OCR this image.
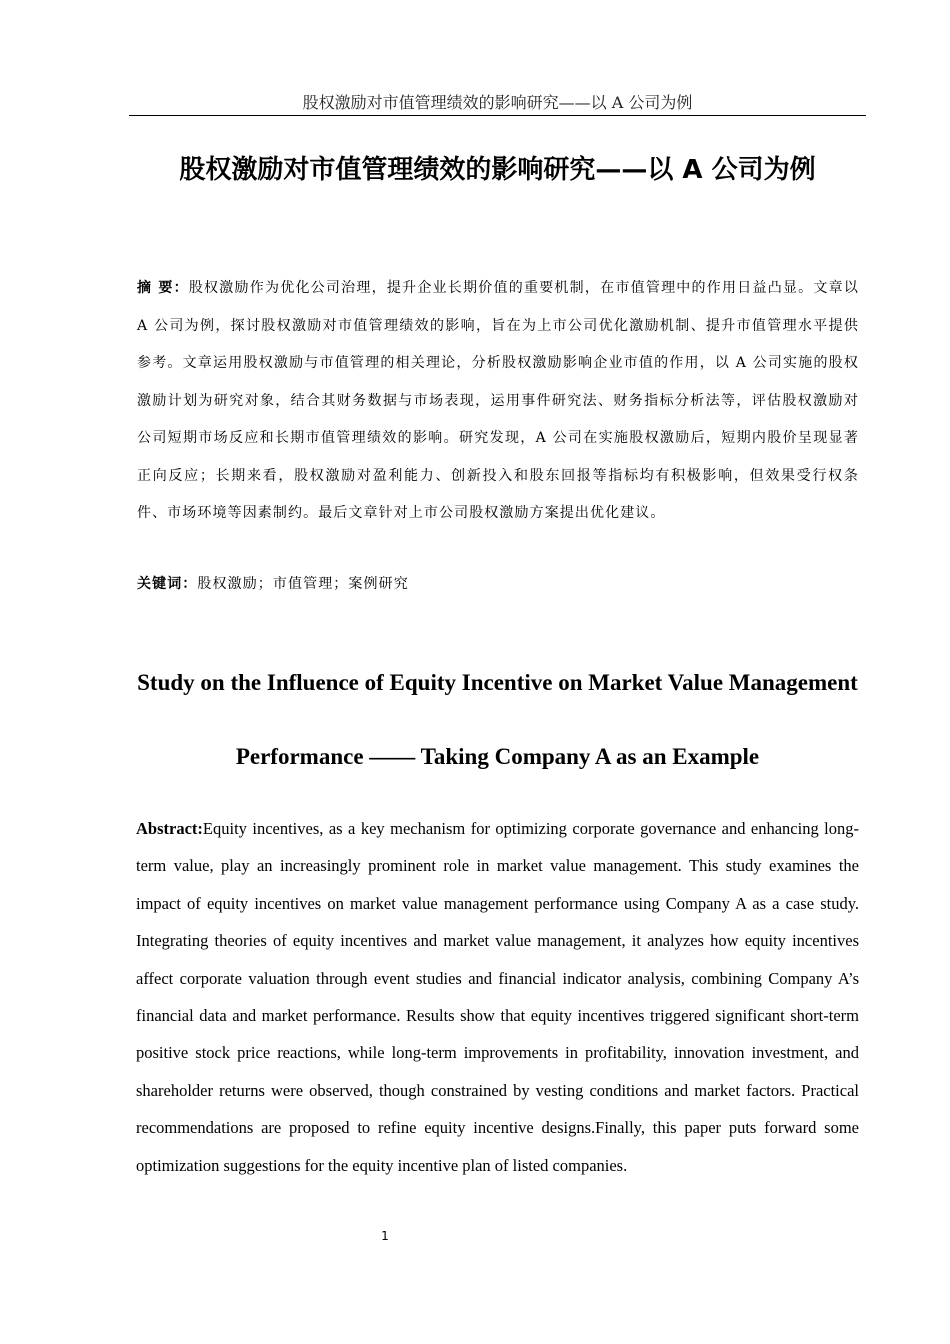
股权激励对市值管理绩效的影响研究——以 A 公司为例
股权激励对市值管理绩效的影响研究——以 A 公司为例

摘 要：股权激励作为优化公司治理，提升企业长期价值的重要机制，在市值管理中的作用日益凸显。文章以 A 公司为例，探讨股权激励对市值管理绩效的影响，旨在为上市公司优化激励机制、提升市值管理水平提供参考。文章运用股权激励与市值管理的相关理论，分析股权激励影响企业市值的作用，以 A 公司实施的股权激励计划为研究对象，结合其财务数据与市场表现，运用事件研究法、财务指标分析法等，评估股权激励对公司短期市场反应和长期市值管理绩效的影响。研究发现，A 公司在实施股权激励后，短期内股价呈现显著正向反应；长期来看，股权激励对盈利能力、创新投入和股东回报等指标均有积极影响，但效果受行权条件、市场环境等因素制约。最后文章针对上市公司股权激励方案提出优化建议。

关键词：股权激励；市值管理；案例研究

Study on the Influence of Equity Incentive on Market Value Management Performance —— Taking Company A as an Example

Abstract:Equity incentives, as a key mechanism for optimizing corporate governance and enhancing long-term value, play an increasingly prominent role in market value management. This study examines the impact of equity incentives on market value management performance using Company A as a case study. Integrating theories of equity incentives and market value management, it analyzes how equity incentives affect corporate valuation through event studies and financial indicator analysis, combining Company A’s financial data and market performance. Results show that equity incentives triggered significant short-term positive stock price reactions, while long-term improvements in profitability, innovation investment, and shareholder returns were observed, though constrained by vesting conditions and market factors. Practical recommendations are proposed to refine equity incentive designs.Finally, this paper puts forward some optimization suggestions for the equity incentive plan of listed companies.

1
